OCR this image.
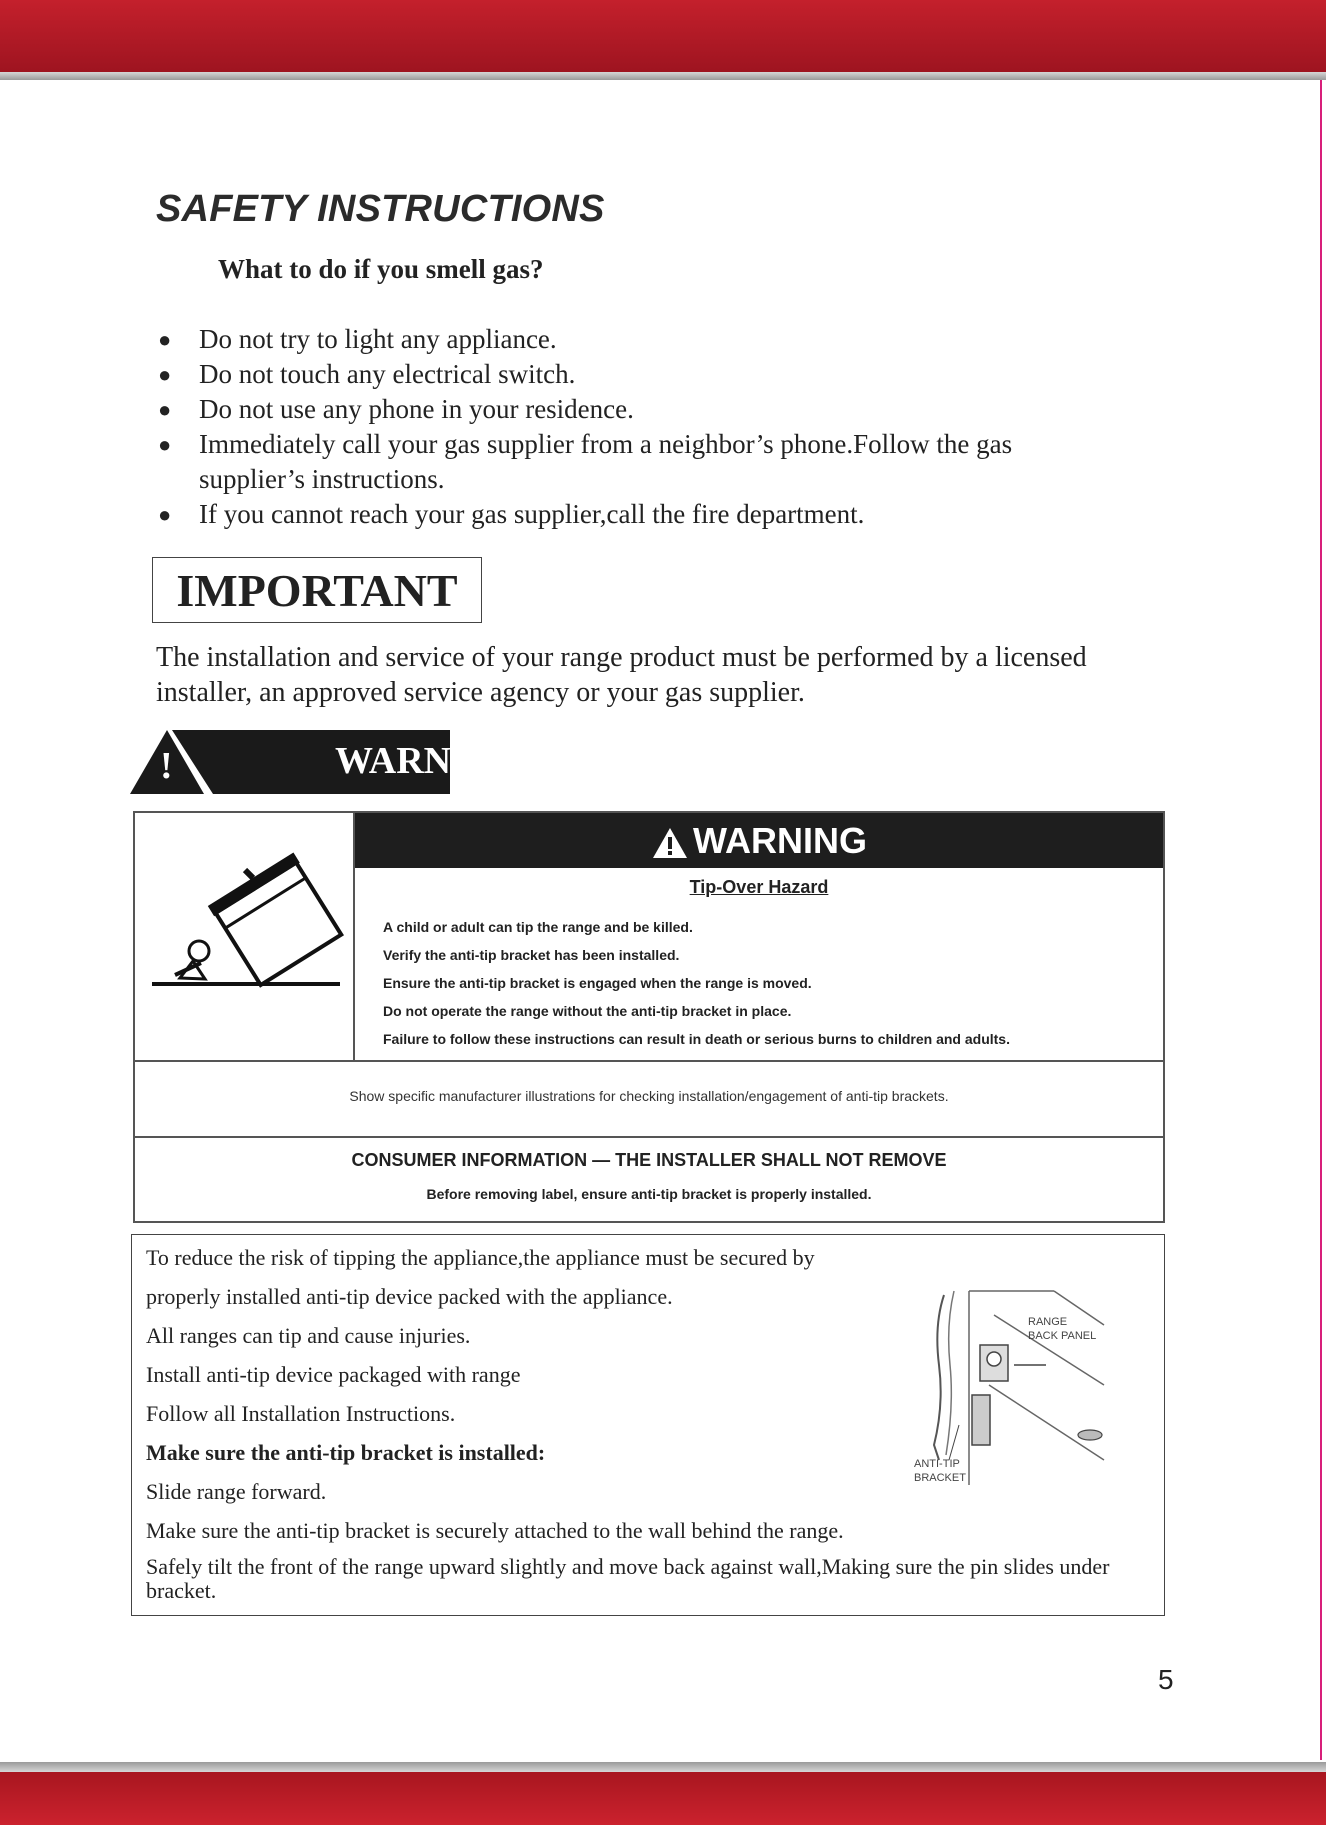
SAFETY INSTRUCTIONS
What to do if you smell gas?
● Do not try to light any appliance.
● Do not touch any electrical switch.
● Do not use any phone in your residence.
● Immediately call your gas supplier from a neighbor’s phone.Follow the gas supplier’s instructions.
● If you cannot reach your gas supplier,call the fire department.
IMPORTANT
The installation and service of your range product must be performed by a licensed installer, an approved service agency or your gas supplier.
!	WARNING
WARNING
Tip-Over Hazard
A child or adult can tip the range and be killed.
Verify the anti-tip bracket has been installed.
Ensure the anti-tip bracket is engaged when the range is moved.
Do not operate the range without the anti-tip bracket in place.
Failure to follow these instructions can result in death or serious burns to children and adults.
Show specific manufacturer illustrations for checking installation/engagement of anti-tip brackets.
CONSUMER INFORMATION — THE INSTALLER SHALL NOT REMOVE
Before removing label, ensure anti-tip bracket is properly installed.
To reduce the risk of tipping the appliance,the appliance must be secured by
properly installed anti-tip device packed with the appliance.
All ranges can tip and cause injuries.
Install anti-tip device packaged with range
Follow all Installation Instructions.
Make sure the anti-tip bracket is installed:
Slide range forward.
Make sure the anti-tip bracket is securely attached to the wall behind the range.
Safely tilt the front of the range upward slightly and move back against wall,Making sure the pin slides under bracket.
RANGE
BACK PANEL
ANTI-TIP
BRACKET
5
